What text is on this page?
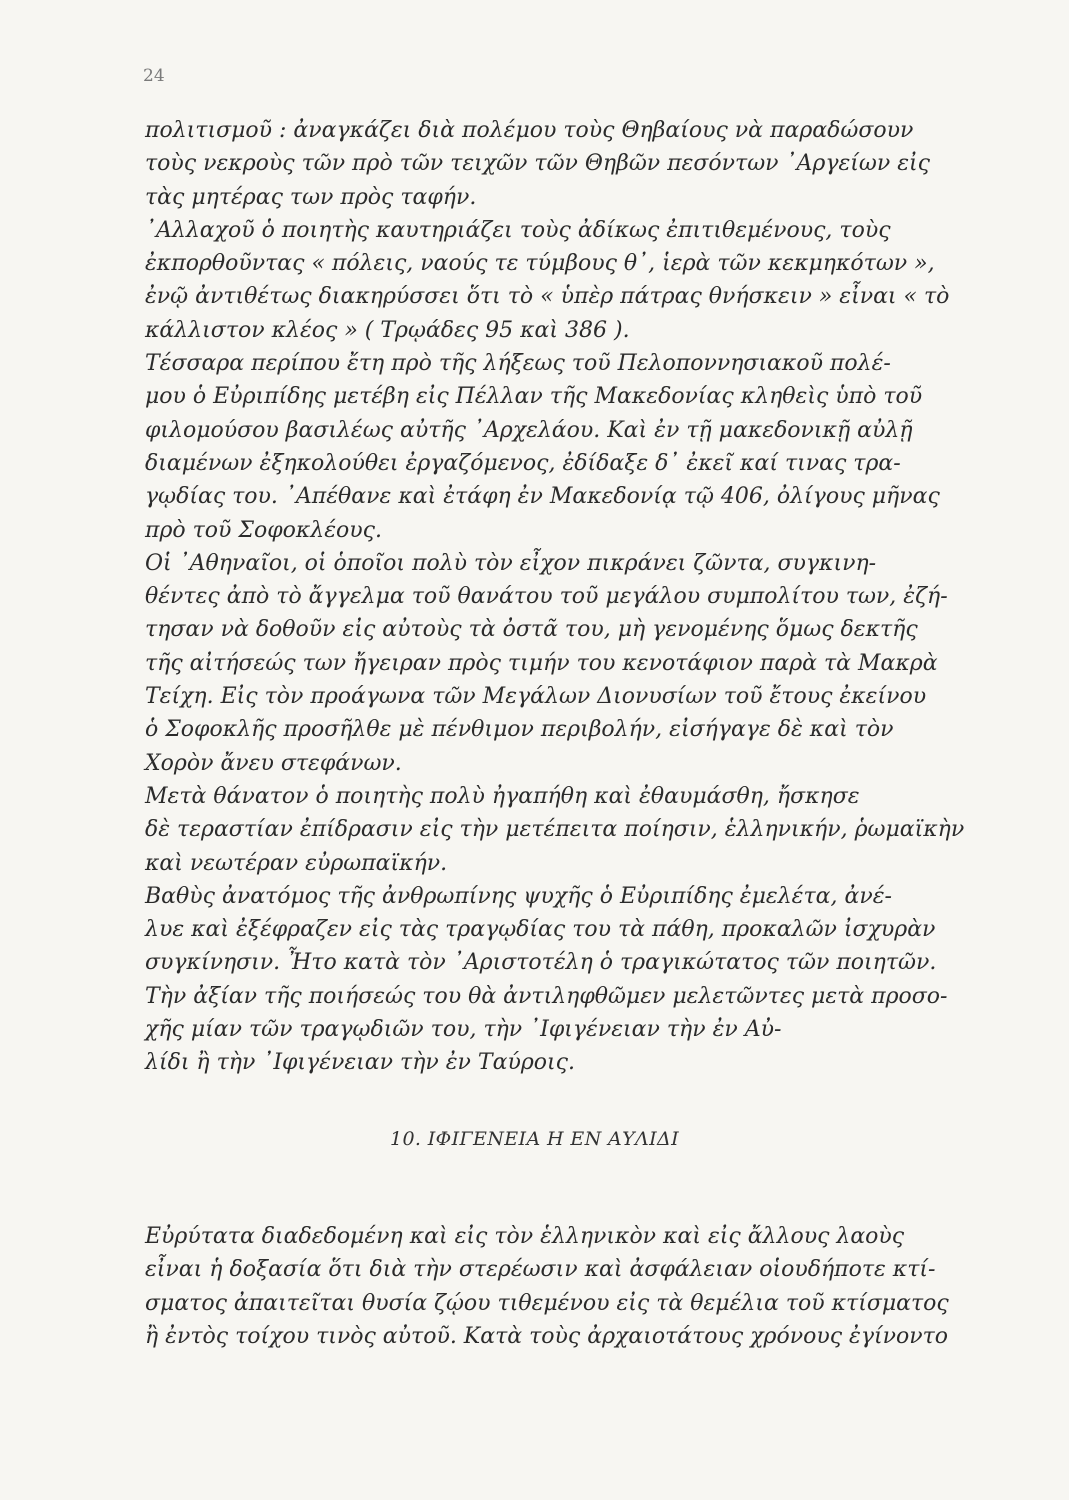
24
πολιτισμοῦ : ἀναγκάζει διὰ πολέμου τοὺς Θηβαίους νὰ παραδώσουν
τοὺς νεκροὺς τῶν πρὸ τῶν τειχῶν τῶν Θηβῶν πεσόντων ᾿Αργείων εἰς
τὰς μητέρας των πρὸς ταφήν.
᾿Αλλαχοῦ ὁ ποιητὴς καυτηριάζει τοὺς ἀδίκως ἐπιτιθεμένους, τοὺς
ἐκπορθοῦντας « πόλεις, ναούς τε τύμβους θ᾿, ἱερὰ τῶν κεκμηκότων »,
ἐνῷ ἀντιθέτως διακηρύσσει ὅτι τὸ « ὑπὲρ πάτρας θνήσκειν » εἶναι « τὸ
κάλλιστον κλέος » ( Τρῳάδες 95 καὶ 386 ).
Τέσσαρα περίπου ἔτη πρὸ τῆς λήξεως τοῦ Πελοποννησιακοῦ πολέ-
μου ὁ Εὐριπίδης μετέβη εἰς Πέλλαν τῆς Μακεδονίας κληθεὶς ὑπὸ τοῦ
φιλομούσου βασιλέως αὐτῆς ᾿Αρχελάου. Καὶ ἐν τῇ μακεδονικῇ αὐλῇ
διαμένων ἐξηκολούθει ἐργαζόμενος, ἐδίδαξε δ᾿ ἐκεῖ καί τινας τρα-
γῳδίας του. ᾿Απέθανε καὶ ἐτάφη ἐν Μακεδονίᾳ τῷ 406, ὀλίγους μῆνας
πρὸ τοῦ Σοφοκλέους.
Οἱ ᾿Αθηναῖοι, οἱ ὁποῖοι πολὺ τὸν εἶχον πικράνει ζῶντα, συγκινη-
θέντες ἀπὸ τὸ ἄγγελμα τοῦ θανάτου τοῦ μεγάλου συμπολίτου των, ἐζή-
τησαν νὰ δοθοῦν εἰς αὐτοὺς τὰ ὀστᾶ του, μὴ γενομένης ὅμως δεκτῆς
τῆς αἰτήσεώς των ἤγειραν πρὸς τιμήν του κενοτάφιον παρὰ τὰ Μακρὰ
Τείχη. Εἰς τὸν προάγωνα τῶν Μεγάλων Διονυσίων τοῦ ἔτους ἐκείνου
ὁ Σοφοκλῆς προσῆλθε μὲ πένθιμον περιβολήν, εἰσήγαγε δὲ καὶ τὸν
Χορὸν ἄνευ στεφάνων.
Μετὰ θάνατον ὁ ποιητὴς πολὺ ἠγαπήθη καὶ ἐθαυμάσθη, ἤσκησε
δὲ τεραστίαν ἐπίδρασιν εἰς τὴν μετέπειτα ποίησιν, ἑλληνικήν, ῥωμαϊκὴν
καὶ νεωτέραν εὐρωπαϊκήν.
Βαθὺς ἀνατόμος τῆς ἀνθρωπίνης ψυχῆς ὁ Εὐριπίδης ἐμελέτα, ἀνέ-
λυε καὶ ἐξέφραζεν εἰς τὰς τραγῳδίας του τὰ πάθη, προκαλῶν ἰσχυρὰν
συγκίνησιν. Ἦτο κατὰ τὸν ᾿Αριστοτέλη ὁ τραγικώτατος τῶν ποιητῶν.
Τὴν ἀξίαν τῆς ποιήσεώς του θὰ ἀντιληφθῶμεν μελετῶντες μετὰ προσο-
χῆς μίαν τῶν τραγῳδιῶν του, τὴν ᾿Ιφιγένειαν τὴν ἐν Αὐ-
λίδι ἢ τὴν ᾿Ιφιγένειαν τὴν ἐν Ταύροις.
10. ΙΦΙΓΕΝΕΙΑ Η ΕΝ ΑΥΛΙΔΙ
Εὐρύτατα διαδεδομένη καὶ εἰς τὸν ἑλληνικὸν καὶ εἰς ἄλλους λαοὺς
εἶναι ἡ δοξασία ὅτι διὰ τὴν στερέωσιν καὶ ἀσφάλειαν οἱουδήποτε κτί-
σματος ἀπαιτεῖται θυσία ζῴου τιθεμένου εἰς τὰ θεμέλια τοῦ κτίσματος
ἢ ἐντὸς τοίχου τινὸς αὐτοῦ. Κατὰ τοὺς ἀρχαιοτάτους χρόνους ἐγίνοντο
